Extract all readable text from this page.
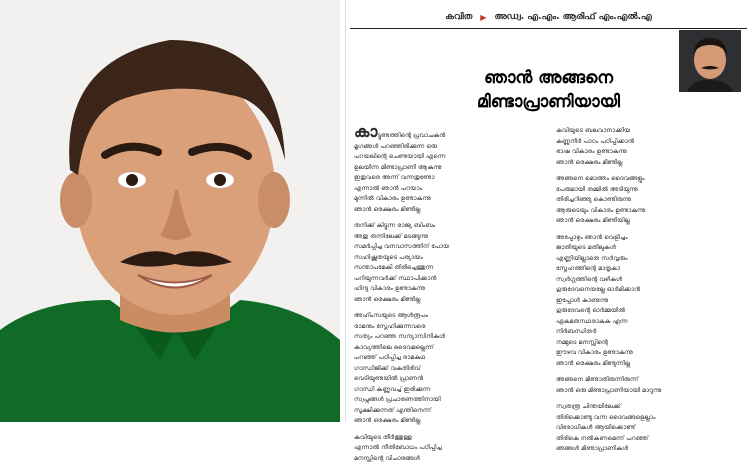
കവിത ▶ അഡ്വ. എ.എം. ആരിഫ് എം.എൽ.എ
ഞാൻ അങ്ങനെ
മിണ്ടാപ്രാണിയായി
കാട്ടുണ്ടത്തിന്റെ പ്രവാചകൻ
മൃഗങ്ങൾ പറഞ്ഞിരിക്കുന്ന ഒരു
പറയലിന്റെ ചെണ്ടയായി എന്നെ
ഉലയിന്ന മിണ്ടാപ്രാണി ആകുന്നു
ഇതുവരെ അന്ന് വന്നതുണ്ടോ
എന്നാൽ ഞാൻ പറയാം
മുന്നിൽ വികാരം ഉണ്ടാകുന്നു
ഞാൻ ഒരക്ഷരം മിണ്ടില്ല
തനിക്ക് കിട്ടുന്ന രാജ്യ ബിംബം
അതു തന്നിലേക്ക് മടങ്ങുന്നു
സമർപ്പിച്ച വനവാസത്തിന് പോയ
സഹിഷ്ണുതയുടെ പര്യായം
സന്താപമേകി തിരിച്ചെത്തുന്ന
പറിയുന്നവർക്ക് സ്ഥാപിക്കാൻ
ഹിന്ദു വികാരം ഉണ്ടാകുന്നു
ഞാൻ ഒരക്ഷരം മിണ്ടില്ല
അഹിംസയുടെ ആൾരൂപം
രാമനും സ്നേഹിക്കുന്നവരെ
സത്യം പറഞ്ഞ സന്യാസിനികൾ
കാവ്യത്തിലെ ദൈവമല്ലെന്ന്
പറഞ്ഞ് പഠിപ്പിച്ച രാമകഥ
ഗാന്ധിജിക്ക് വകതിരിവ്
വെടിയുണ്ടയിൽ പ്രാണൻ
ഗാന്ധി കണ്ണുവച്ച് ഇരിക്കുന്ന
സ്വപ്നങ്ങൾ പ്രചാരണത്തിനായി
സൂക്ഷിക്കുന്നത് എന്തിനെന്ന്
ഞാൻ ഒരക്ഷരം മിണ്ടില്ല
കവിയുടെ തീർത്തുള്ള
എന്നാൽ നീതിബോധം പഠിപ്പിച്ച
മനസ്സിന്റെ വിചാരങ്ങൾ
കവിയുടെ ബലവാനാക്കിയ
കണ്ണുനീർ പാഠം പഠിപ്പിക്കാൻ
ഭാഷ വികാരം ഉണ്ടാകുന്നു
ഞാൻ ഒരക്ഷരം മിണ്ടില്ല
അങ്ങനെ മൊത്തം ദൈവങ്ങളും
പേരുമായി തമ്മിൽ അടിയുന്നു
തിരിച്ചറിഞ്ഞു കൊണ്ടിരുന്നു
ആരുടെയും വികാരം ഉണ്ടാകുന്നു
ഞാൻ ഒരക്ഷരം മിണ്ടിയില്ല
അപ്പോഴും ഞാൻ വെളിച്ചം
ജാതിയുടെ മതിലുകൾ
എണ്ണിയില്ലാതെ സർവ്വരും
സ്നേഹത്തിന്റെ മാതൃകാ
സ്വർഗ്ഗത്തിന്റെ വഴികൾ
ഗുരുദേവനെയല്ലേ ഓർമിക്കാൻ
ഇപ്പോൾ കാണുന്നു
ഗുരുദേവന്റെ ഓർമ്മയിൽ
ഏകമതസ്ഥരാകുക എന്ന
നിർബന്ധിതർ
നമ്മുടെ മനസ്സിന്റെ
ഈഴവ വികാരം ഉണ്ടാകുന്നു
ഞാൻ ഒരക്ഷരം മിണ്ടുന്നില്ല
അങ്ങനെ മിണ്ടാതിരുന്നിരുന്ന്
ഞാൻ ഒരു മിണ്ടാപ്രാണിയായി മാറുന്നു
സ്വതന്ത്ര ചിന്തയിലേക്ക്
തിരിക്കൊണ്ടു വന്ന ദൈവങ്ങളെല്ലാം
വിരോധികൾ ആയിക്കൊണ്ട്
തിരികെ നൽകണമെന്ന് പറഞ്ഞ്
ഞങ്ങൾ മിണ്ടാപ്രാണികൾ
